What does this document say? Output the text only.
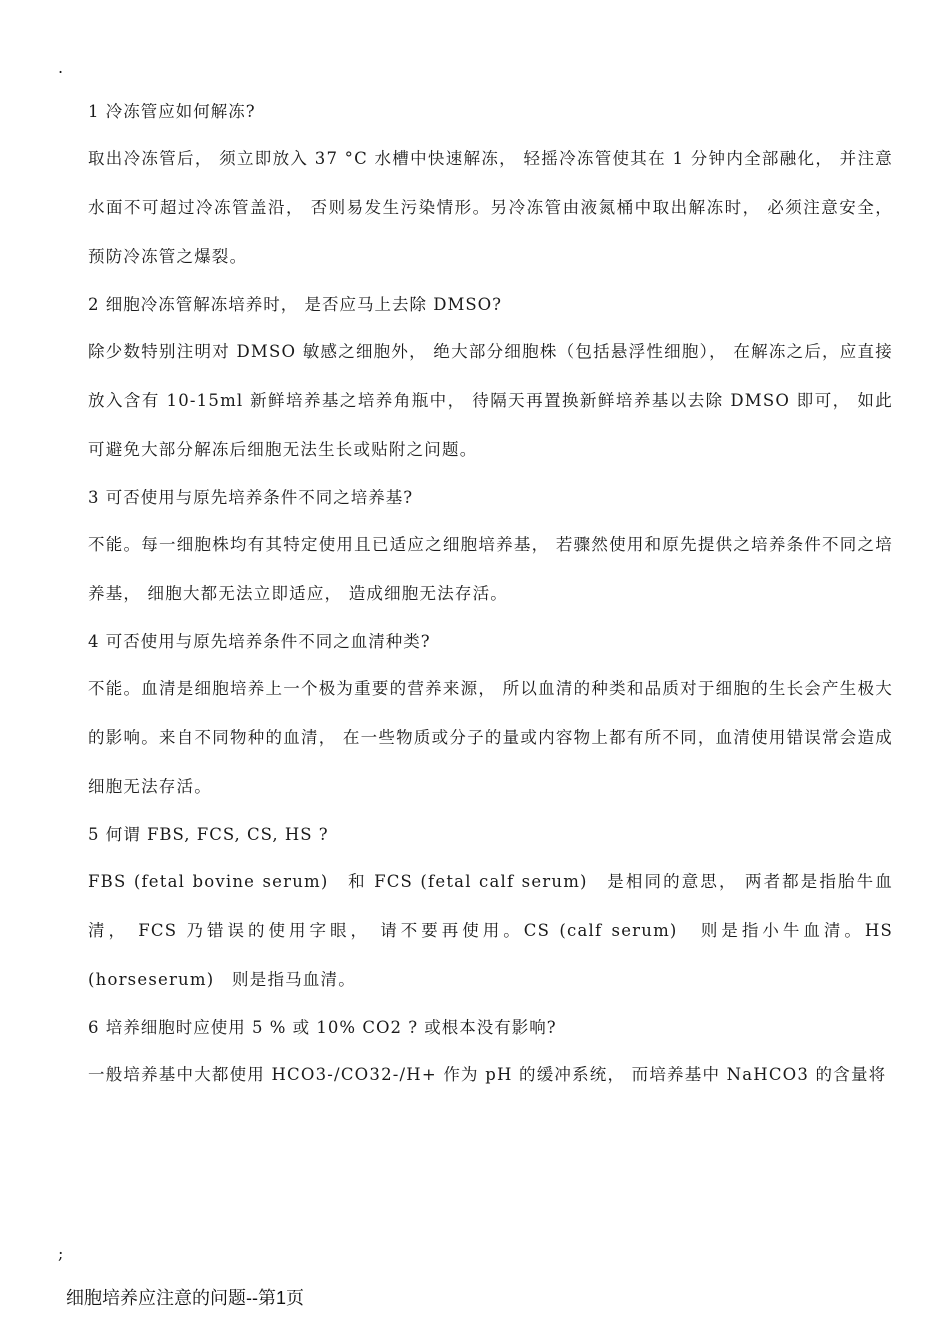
.

1 冷冻管应如何解冻?

取出冷冻管后， 须立即放入 37 °C 水槽中快速解冻， 轻摇冷冻管使其在 1 分钟内全部融化， 并注意水面不可超过冷冻管盖沿， 否则易发生污染情形。另冷冻管由液氮桶中取出解冻时， 必须注意安全， 预防冷冻管之爆裂。

2 细胞冷冻管解冻培养时， 是否应马上去除 DMSO?

除少数特别注明对 DMSO 敏感之细胞外， 绝大部分细胞株（包括悬浮性细胞）， 在解冻之后，应直接放入含有 10-15ml 新鲜培养基之培养角瓶中， 待隔天再置换新鲜培养基以去除 DMSO 即可， 如此可避免大部分解冻后细胞无法生长或贴附之问题。

3 可否使用与原先培养条件不同之培养基?

不能。每一细胞株均有其特定使用且已适应之细胞培养基， 若骤然使用和原先提供之培养条件不同之培养基， 细胞大都无法立即适应， 造成细胞无法存活。

4 可否使用与原先培养条件不同之血清种类?

不能。血清是细胞培养上一个极为重要的营养来源， 所以血清的种类和品质对于细胞的生长会产生极大的影响。来自不同物种的血清， 在一些物质或分子的量或内容物上都有所不同，血清使用错误常会造成细胞无法存活。

5 何谓 FBS, FCS, CS, HS ?

FBS (fetal bovine serum)　和 FCS (fetal calf serum)　是相同的意思， 两者都是指胎牛血清， FCS 乃错误的使用字眼， 请不要再使用。CS (calf serum)　则是指小牛血清。HS (horseserum)　则是指马血清。

6 培养细胞时应使用 5 % 或 10% CO2 ? 或根本没有影响?

一般培养基中大都使用 HCO3-/CO32-/H+ 作为 pH 的缓冲系统， 而培养基中 NaHCO3 的含量将

;
细胞培养应注意的问题--第1页
